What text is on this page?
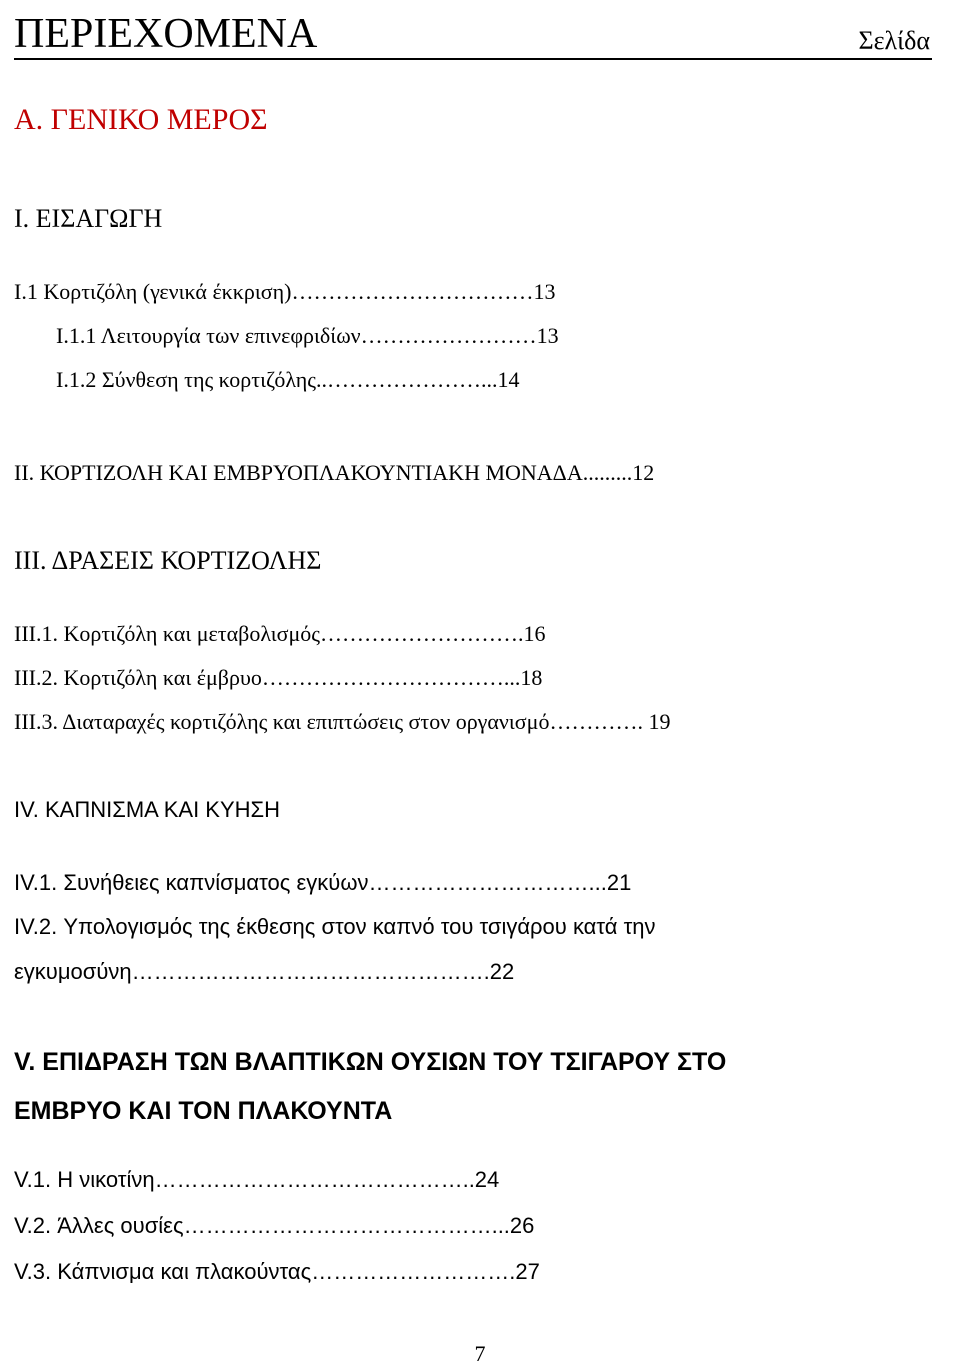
ΠΕΡΙΕΧΟΜΕΝΑ	Σελίδα
Α. ΓΕΝΙΚΟ ΜΕΡΟΣ
Ι. ΕΙΣΑΓΩΓΗ
Ι.1 Κορτιζόλη (γενικά έκκριση)……………………………13
Ι.1.1 Λειτουργία των επινεφριδίων……………………13
Ι.1.2 Σύνθεση της κορτιζόλης..…………………...14
ΙΙ. ΚΟΡΤΙΖΟΛΗ ΚΑΙ ΕΜΒΡΥΟΠΛΑΚΟΥΝΤΙΑΚΗ ΜΟΝΑΔΑ.........12
ΙΙΙ. ΔΡΑΣΕΙΣ ΚΟΡΤΙΖΟΛΗΣ
ΙΙΙ.1. Κορτιζόλη και μεταβολισμός……………………….16
ΙΙΙ.2. Κορτιζόλη και έμβρυο……………………………...18
ΙΙΙ.3. Διαταραχές κορτιζόλης και επιπτώσεις στον οργανισμό…………. 19
IV. ΚΑΠΝΙΣΜΑ ΚΑΙ ΚΥΗΣΗ
IV.1. Συνήθειες καπνίσματος εγκύων…………………………...21
IV.2. Υπολογισμός της έκθεσης στον καπνό του τσιγάρου κατά την
εγκυμοσύνη………………………………………….22
V. ΕΠΙΔΡΑΣΗ ΤΩΝ ΒΛΑΠΤΙΚΩΝ ΟΥΣΙΩΝ ΤΟΥ ΤΣΙΓΑΡΟΥ ΣΤΟ
ΕΜΒΡΥΟ ΚΑΙ ΤΟΝ ΠΛΑΚΟΥΝΤΑ
V.1. Η νικοτίνη……………………………………..24
V.2. Άλλες ουσίες……………………………………...26
V.3. Κάπνισμα και πλακούντας……………………….27
7
